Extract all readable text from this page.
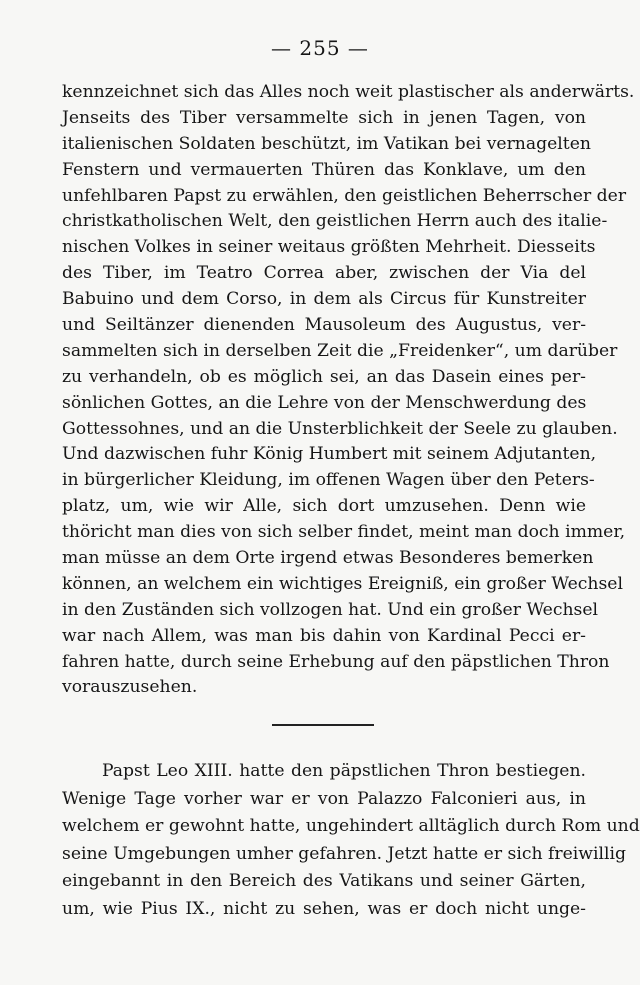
— 255 —
kennzeichnet sich das Alles noch weit plastischer als anderwärts.
Jenseits des Tiber versammelte sich in jenen Tagen, von
italienischen Soldaten beschützt, im Vatikan bei vernagelten
Fenstern und vermauerten Thüren das Konklave, um den
unfehlbaren Papst zu erwählen, den geistlichen Beherrscher der
christkatholischen Welt, den geistlichen Herrn auch des italie-
nischen Volkes in seiner weitaus größten Mehrheit. Diesseits
des Tiber, im Teatro Correa aber, zwischen der Via del
Babuino und dem Corso, in dem als Circus für Kunstreiter
und Seiltänzer dienenden Mausoleum des Augustus, ver-
sammelten sich in derselben Zeit die „Freidenker“, um darüber
zu verhandeln, ob es möglich sei, an das Dasein eines per-
sönlichen Gottes, an die Lehre von der Menschwerdung des
Gottessohnes, und an die Unsterblichkeit der Seele zu glauben.
Und dazwischen fuhr König Humbert mit seinem Adjutanten,
in bürgerlicher Kleidung, im offenen Wagen über den Peters-
platz, um, wie wir Alle, sich dort umzusehen. Denn wie
thöricht man dies von sich selber findet, meint man doch immer,
man müsse an dem Orte irgend etwas Besonderes bemerken
können, an welchem ein wichtiges Ereigniß, ein großer Wechsel
in den Zuständen sich vollzogen hat. Und ein großer Wechsel
war nach Allem, was man bis dahin von Kardinal Pecci er-
fahren hatte, durch seine Erhebung auf den päpstlichen Thron
vorauszusehen.
Papst Leo XIII. hatte den päpstlichen Thron bestiegen.
Wenige Tage vorher war er von Palazzo Falconieri aus, in
welchem er gewohnt hatte, ungehindert alltäglich durch Rom und
seine Umgebungen umher gefahren. Jetzt hatte er sich freiwillig
eingebannt in den Bereich des Vatikans und seiner Gärten,
um, wie Pius IX., nicht zu sehen, was er doch nicht unge-
